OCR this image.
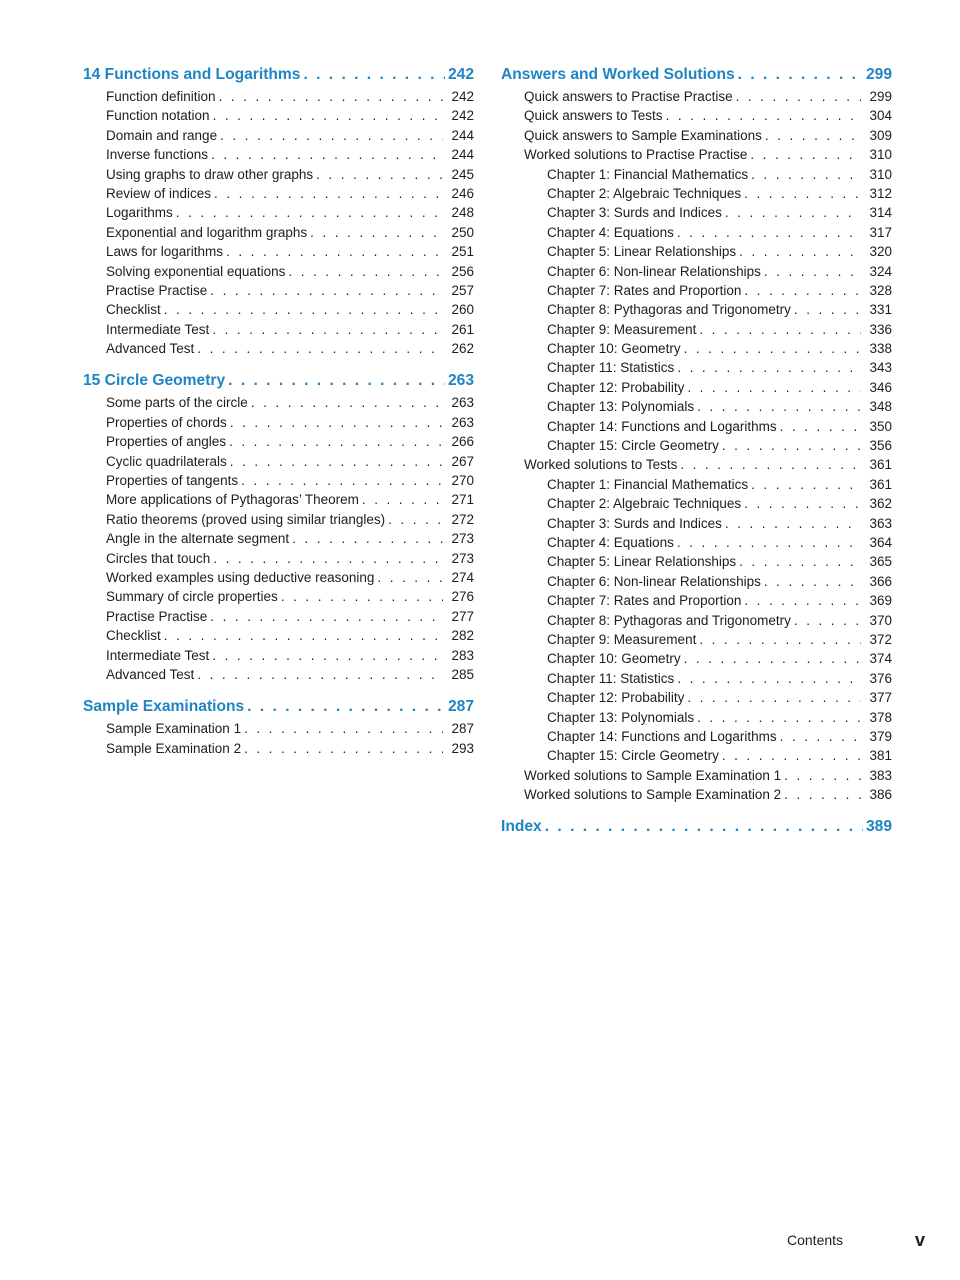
14 Functions and Logarithms . . .	242
Function definition . . .	242
Function notation . . .	242
Domain and range . . .	244
Inverse functions . . .	244
Using graphs to draw other graphs . . .	245
Review of indices . . .	246
Logarithms . . .	248
Exponential and logarithm graphs . . .	250
Laws for logarithms . . .	251
Solving exponential equations . . .	256
Practise Practise . . .	257
Checklist . . .	260
Intermediate Test . . .	261
Advanced Test . . .	262
15 Circle Geometry . . .	263
Some parts of the circle . . .	263
Properties of chords . . .	263
Properties of angles . . .	266
Cyclic quadrilaterals . . .	267
Properties of tangents . . .	270
More applications of Pythagoras’ Theorem . . .	271
Ratio theorems (proved using similar triangles) . . .	272
Angle in the alternate segment . . .	273
Circles that touch . . .	273
Worked examples using deductive reasoning . . .	274
Summary of circle properties . . .	276
Practise Practise . . .	277
Checklist . . .	282
Intermediate Test . . .	283
Advanced Test . . .	285
Sample Examinations . . .	287
Sample Examination 1 . . .	287
Sample Examination 2 . . .	293
Answers and Worked Solutions . . .	299
Quick answers to Practise Practise . . .	299
Quick answers to Tests . . .	304
Quick answers to Sample Examinations . . .	309
Worked solutions to Practise Practise . . .	310
Chapter 1: Financial Mathematics . . .	310
Chapter 2: Algebraic Techniques . . .	312
Chapter 3: Surds and Indices . . .	314
Chapter 4: Equations . . .	317
Chapter 5: Linear Relationships . . .	320
Chapter 6: Non-linear Relationships . . .	324
Chapter 7: Rates and Proportion . . .	328
Chapter 8: Pythagoras and Trigonometry . . .	331
Chapter 9: Measurement . . .	336
Chapter 10: Geometry . . .	338
Chapter 11: Statistics . . .	343
Chapter 12: Probability . . .	346
Chapter 13: Polynomials . . .	348
Chapter 14: Functions and Logarithms . . .	350
Chapter 15: Circle Geometry . . .	356
Worked solutions to Tests . . .	361
Chapter 1: Financial Mathematics . . .	361
Chapter 2: Algebraic Techniques . . .	362
Chapter 3: Surds and Indices . . .	363
Chapter 4: Equations . . .	364
Chapter 5: Linear Relationships . . .	365
Chapter 6: Non-linear Relationships . . .	366
Chapter 7: Rates and Proportion . . .	369
Chapter 8: Pythagoras and Trigonometry . . .	370
Chapter 9: Measurement . . .	372
Chapter 10: Geometry . . .	374
Chapter 11: Statistics . . .	376
Chapter 12: Probability . . .	377
Chapter 13: Polynomials . . .	378
Chapter 14: Functions and Logarithms . . .	379
Chapter 15: Circle Geometry . . .	381
Worked solutions to Sample Examination 1 . . .	383
Worked solutions to Sample Examination 2 . . .	386
Index . . .	389
Contents	v
